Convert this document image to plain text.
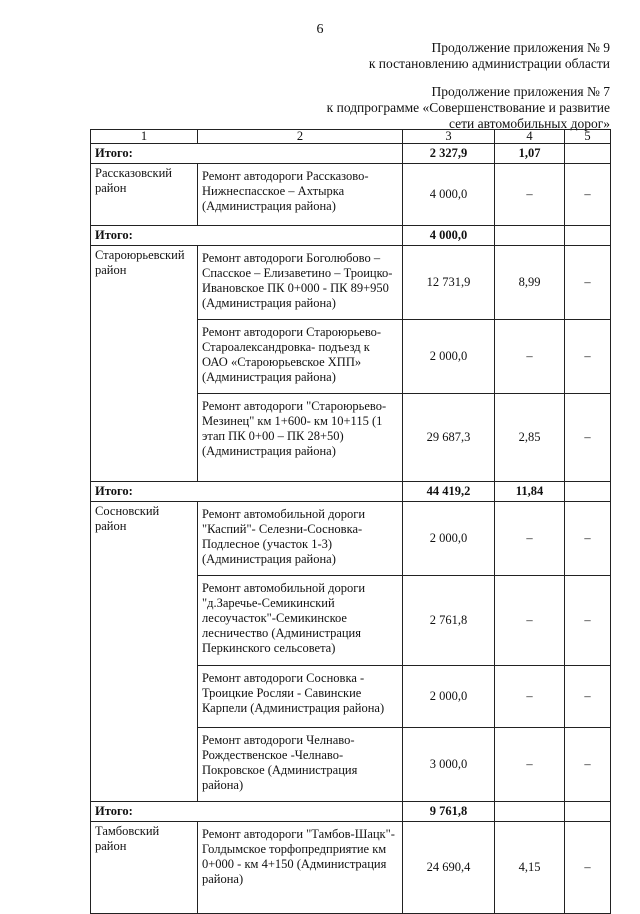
6
Продолжение приложения № 9
к постановлению администрации области
Продолжение приложения № 7
к подпрограмме «Совершенствование и развитие
сети автомобильных дорог»
1	2	3	4	5
Итого:		2 327,9	1,07	
Рассказовский район	Ремонт автодороги Рассказово-Нижнеспасское – Ахтырка (Администрация района)	4 000,0	–	–
Итого:		4 000,0		
Староюрьевский район	Ремонт автодороги Боголюбово – Спасское – Елизаветино – Троицко-Ивановское ПК 0+000 - ПК 89+950 (Администрация района)	12 731,9	8,99	–
	Ремонт автодороги Староюрьево-Староалександровка- подъезд к ОАО «Староюрьевское ХПП» (Администрация района)	2 000,0	–	–
	Ремонт автодороги "Староюрьево-Мезинец" км 1+600- км 10+115 (1 этап ПК 0+00 – ПК 28+50) (Администрация района)	29 687,3	2,85	–
Итого:		44 419,2	11,84	
Сосновский район	Ремонт автомобильной дороги "Каспий"- Селезни-Сосновка-Подлесное (участок 1-3) (Администрация района)	2 000,0	–	–
	Ремонт автомобильной дороги "д.Заречье-Семикинский лесоучасток"-Семикинское лесничество (Администрация Перкинского сельсовета)	2 761,8	–	–
	Ремонт автодороги Сосновка - Троицкие Росляи - Савинские Карпели (Администрация района)	2 000,0	–	–
	Ремонт автодороги Челнаво-Рождественское -Челнаво-Покровское (Администрация района)	3 000,0	–	–
Итого:		9 761,8		
Тамбовский район	Ремонт автодороги "Тамбов-Шацк"- Голдымское торфопредприятие км 0+000 - км 4+150 (Администрация района)	24 690,4	4,15	–
